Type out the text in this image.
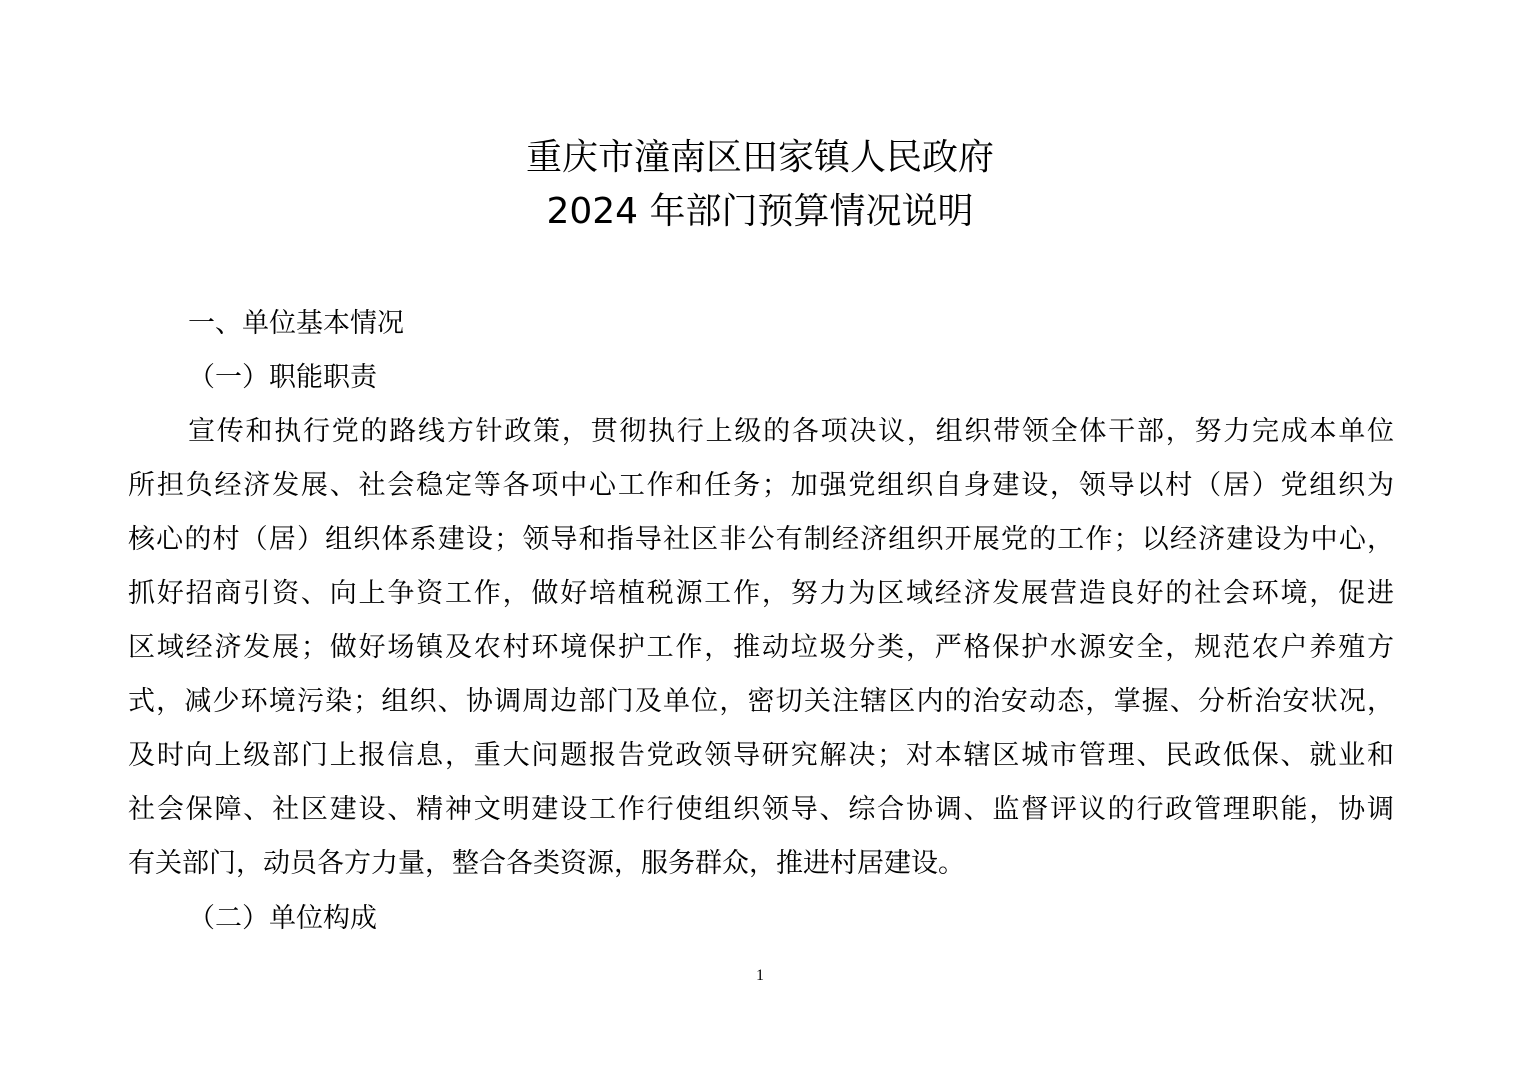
重庆市潼南区田家镇人民政府
2024 年部门预算情况说明
一、单位基本情况
（一）职能职责
宣传和执行党的路线方针政策，贯彻执行上级的各项决议，组织带领全体干部，努力完成本单位
所担负经济发展、社会稳定等各项中心工作和任务；加强党组织自身建设，领导以村（居）党组织为
核心的村（居）组织体系建设；领导和指导社区非公有制经济组织开展党的工作；以经济建设为中心，
抓好招商引资、向上争资工作，做好培植税源工作，努力为区域经济发展营造良好的社会环境，促进
区域经济发展；做好场镇及农村环境保护工作，推动垃圾分类，严格保护水源安全，规范农户养殖方
式，减少环境污染；组织、协调周边部门及单位，密切关注辖区内的治安动态，掌握、分析治安状况，
及时向上级部门上报信息，重大问题报告党政领导研究解决；对本辖区城市管理、民政低保、就业和
社会保障、社区建设、精神文明建设工作行使组织领导、综合协调、监督评议的行政管理职能，协调
有关部门，动员各方力量，整合各类资源，服务群众，推进村居建设。
（二）单位构成
1
